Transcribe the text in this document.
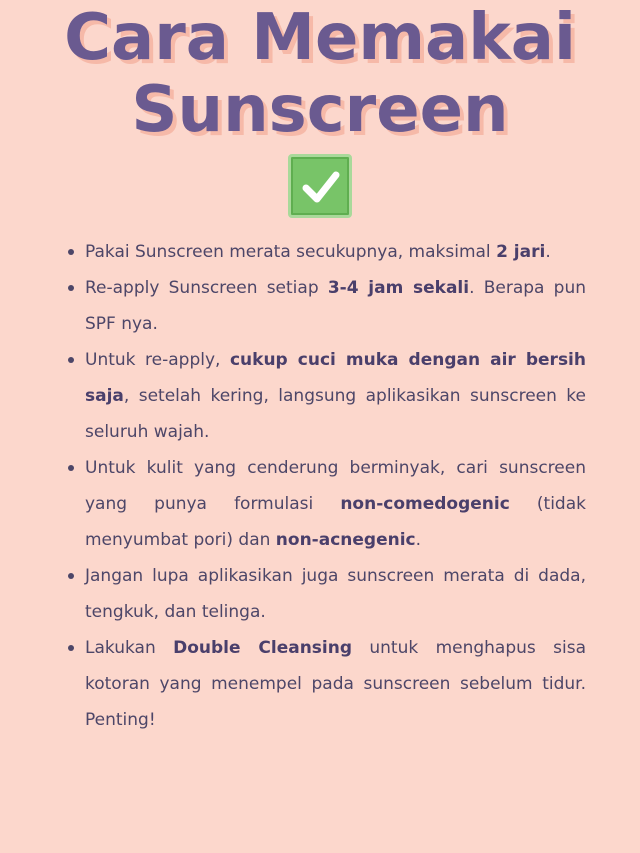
Cara Memakai
Sunscreen
Pakai Sunscreen merata secukupnya, maksimal 2 jari.
Re-apply Sunscreen setiap 3-4 jam sekali. Berapa pun SPF nya.
Untuk re-apply, cukup cuci muka dengan air bersih saja, setelah kering, langsung aplikasikan sunscreen ke seluruh wajah.
Untuk kulit yang cenderung berminyak, cari sunscreen yang punya formulasi non-comedogenic (tidak menyumbat pori) dan non-acnegenic.
Jangan lupa aplikasikan juga sunscreen merata di dada, tengkuk, dan telinga.
Lakukan Double Cleansing untuk menghapus sisa kotoran yang menempel pada sunscreen sebelum tidur. Penting!
